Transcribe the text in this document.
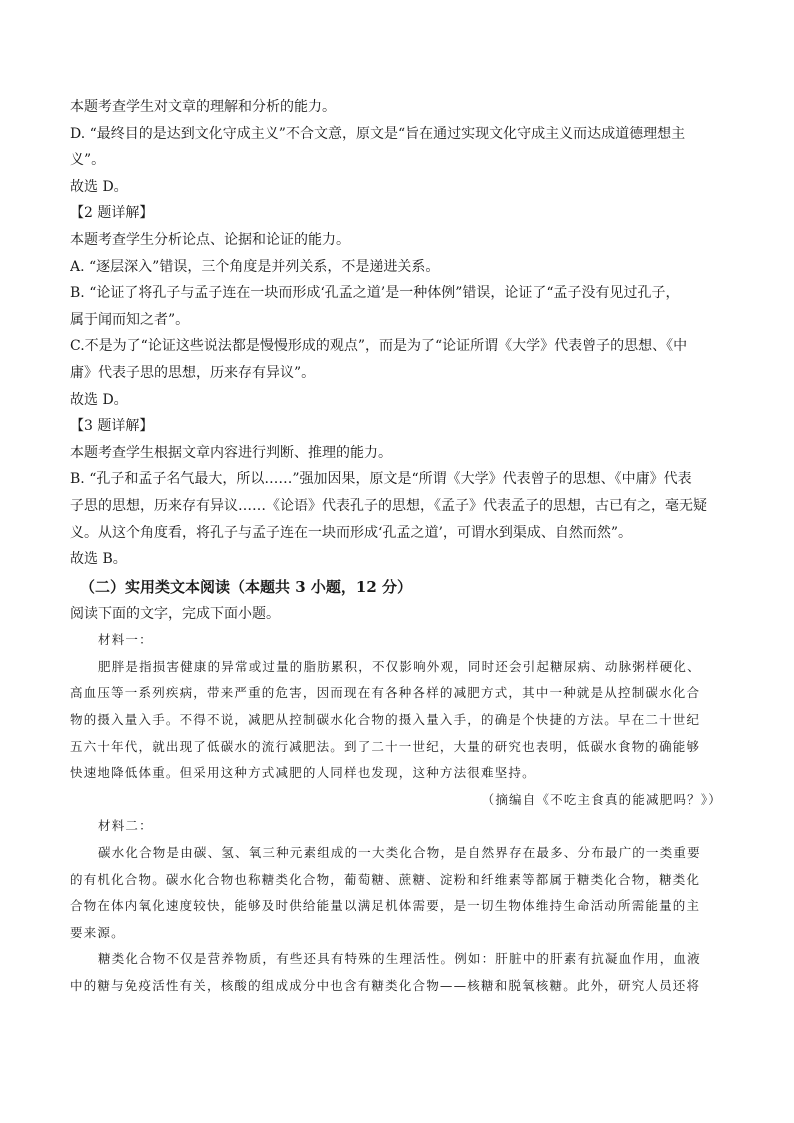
本题考查学生对文章的理解和分析的能力。
D. “最终目的是达到文化守成主义”不合文意，原文是“旨在通过实现文化守成主义而达成道德理想主
义”。
故选 D。
【2 题详解】
本题考查学生分析论点、论据和论证的能力。
A. “逐层深入”错误，三个角度是并列关系，不是递进关系。
B. “论证了将孔子与孟子连在一块而形成‘孔孟之道’是一种体例”错误，论证了“孟子没有见过孔子，
属于闻而知之者”。
C.不是为了“论证这些说法都是慢慢形成的观点”，而是为了“论证所谓《大学》代表曾子的思想、《中
庸》代表子思的思想，历来存有异议”。
故选 D。
【3 题详解】
本题考查学生根据文章内容进行判断、推理的能力。
B. “孔子和孟子名气最大，所以……”强加因果，原文是“所谓《大学》代表曾子的思想、《中庸》代表
子思的思想，历来存有异议……《论语》代表孔子的思想，《孟子》代表孟子的思想，古已有之，毫无疑
义。从这个角度看，将孔子与孟子连在一块而形成‘孔孟之道’，可谓水到渠成、自然而然”。
故选 B。
（二）实用类文本阅读（本题共 3 小题，12 分）
阅读下面的文字，完成下面小题。
材料一：
肥胖是指损害健康的异常或过量的脂肪累积，不仅影响外观，同时还会引起糖尿病、动脉粥样硬化、
高血压等一系列疾病，带来严重的危害，因而现在有各种各样的减肥方式，其中一种就是从控制碳水化合
物的摄入量入手。不得不说，减肥从控制碳水化合物的摄入量入手，的确是个快捷的方法。早在二十世纪
五六十年代，就出现了低碳水的流行减肥法。到了二十一世纪，大量的研究也表明，低碳水食物的确能够
快速地降低体重。但采用这种方式减肥的人同样也发现，这种方法很难坚持。
（摘编自《不吃主食真的能减肥吗？》）
材料二：
碳水化合物是由碳、氢、氧三种元素组成的一大类化合物，是自然界存在最多、分布最广的一类重要
的有机化合物。碳水化合物也称糖类化合物，葡萄糖、蔗糖、淀粉和纤维素等都属于糖类化合物，糖类化
合物在体内氧化速度较快，能够及时供给能量以满足机体需要，是一切生物体维持生命活动所需能量的主
要来源。
糖类化合物不仅是营养物质，有些还具有特殊的生理活性。例如：肝脏中的肝素有抗凝血作用，血液
中的糖与免疫活性有关，核酸的组成成分中也含有糖类化合物——核糖和脱氧核糖。此外，研究人员还将
